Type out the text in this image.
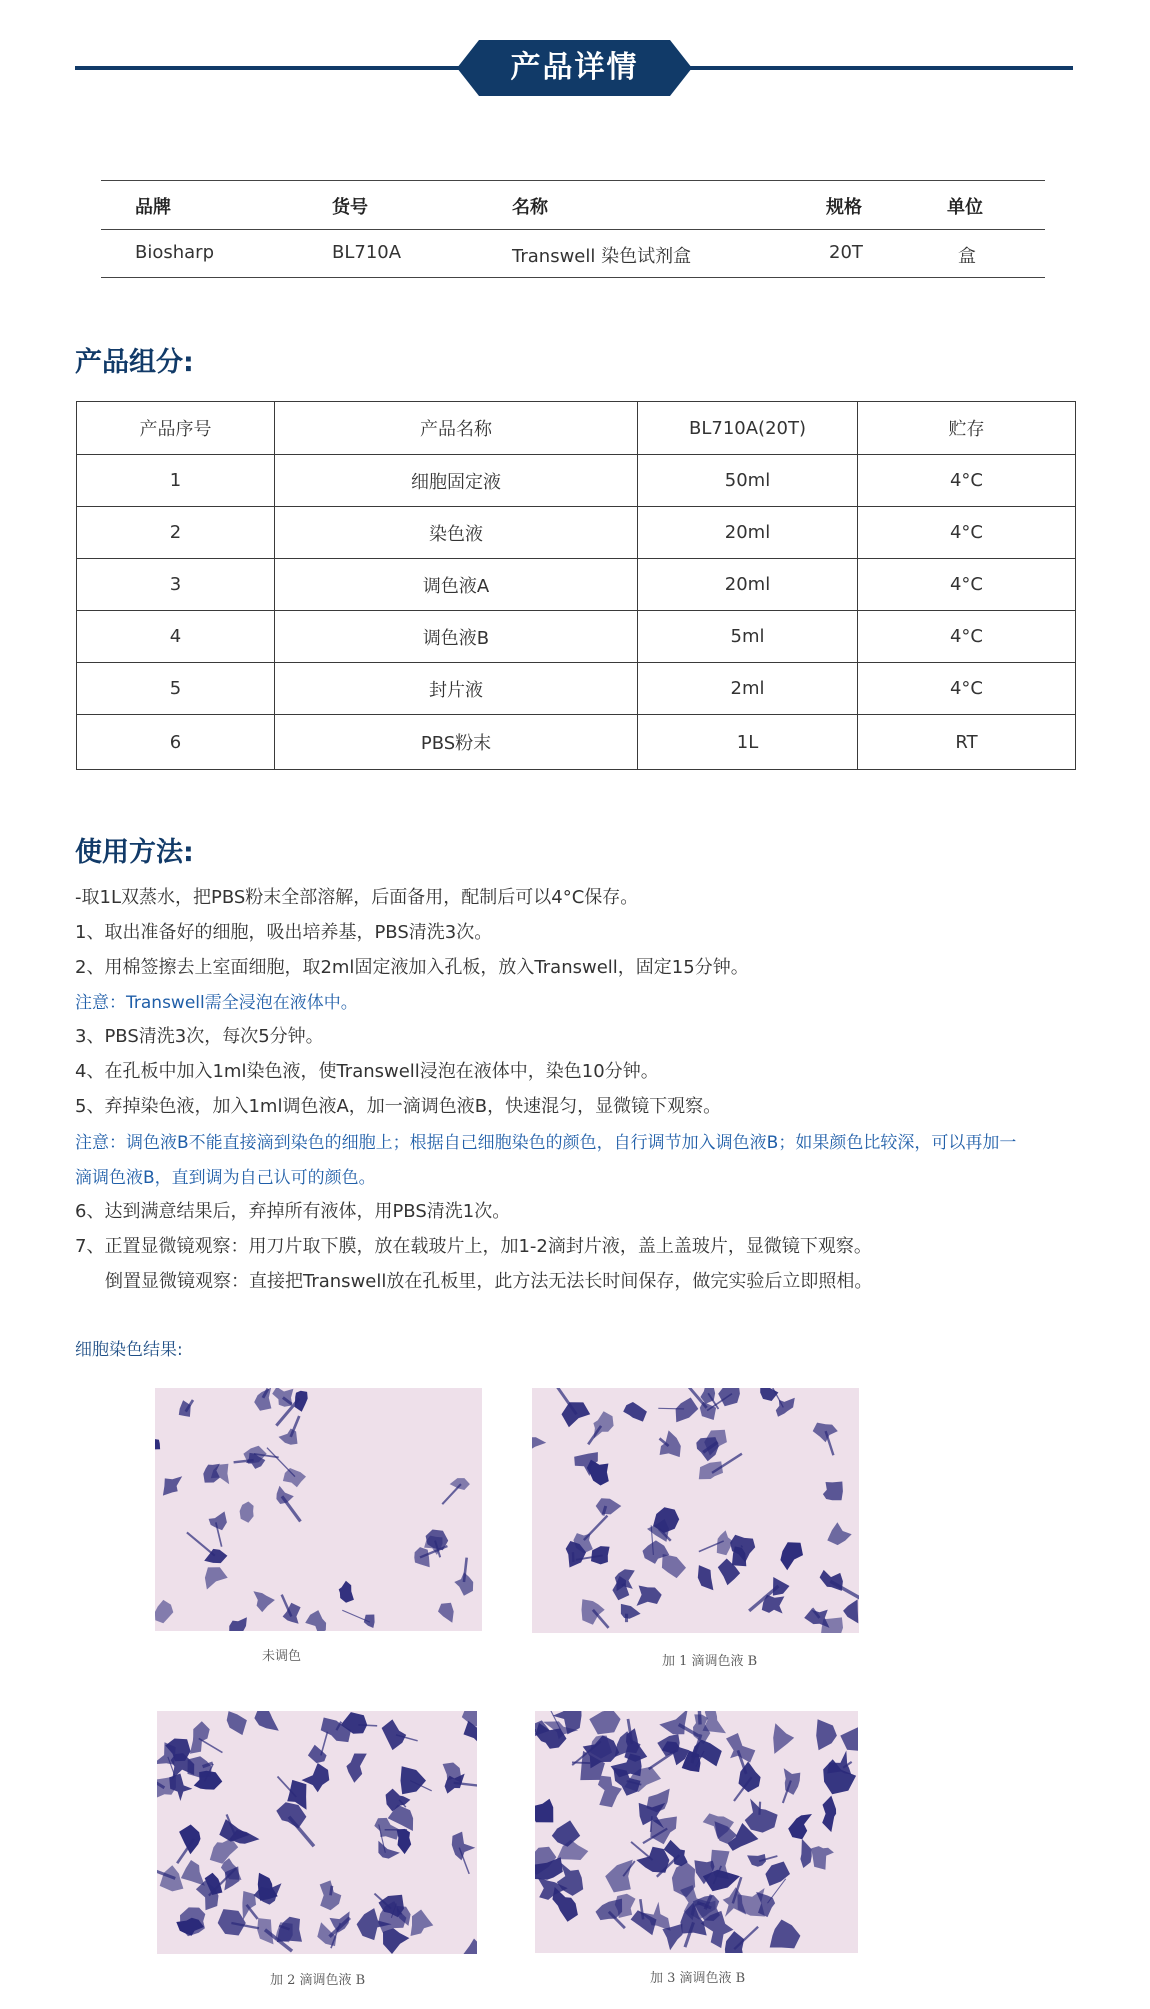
产品详情
品牌	货号	名称	规格	单位
Biosharp	BL710A	Transwell 染色试剂盒	20T	盒
产品组分:
产品序号	产品名称	BL710A(20T)	贮存
1	细胞固定液	50ml	4°C
2	染色液	20ml	4°C
3	调色液A	20ml	4°C
4	调色液B	5ml	4°C
5	封片液	2ml	4°C
6	PBS粉末	1L	RT
使用方法:
-取1L双蒸水，把PBS粉末全部溶解，后面备用，配制后可以4°C保存。
1、取出准备好的细胞，吸出培养基，PBS清洗3次。
2、用棉签擦去上室面细胞，取2ml固定液加入孔板，放入Transwell，固定15分钟。
注意：Transwell需全浸泡在液体中。
3、PBS清洗3次，每次5分钟。
4、在孔板中加入1ml染色液，使Transwell浸泡在液体中，染色10分钟。
5、弃掉染色液，加入1ml调色液A，加一滴调色液B，快速混匀，显微镜下观察。
注意：调色液B不能直接滴到染色的细胞上；根据自己细胞染色的颜色，自行调节加入调色液B；如果颜色比较深，可以再加一
滴调色液B，直到调为自己认可的颜色。
6、达到满意结果后，弃掉所有液体，用PBS清洗1次。
7、正置显微镜观察：用刀片取下膜，放在载玻片上，加1-2滴封片液，盖上盖玻片，显微镜下观察。
倒置显微镜观察：直接把Transwell放在孔板里，此方法无法长时间保存，做完实验后立即照相。
细胞染色结果:
未调色	加 1 滴调色液 B
加 2 滴调色液 B	加 3 滴调色液 B
